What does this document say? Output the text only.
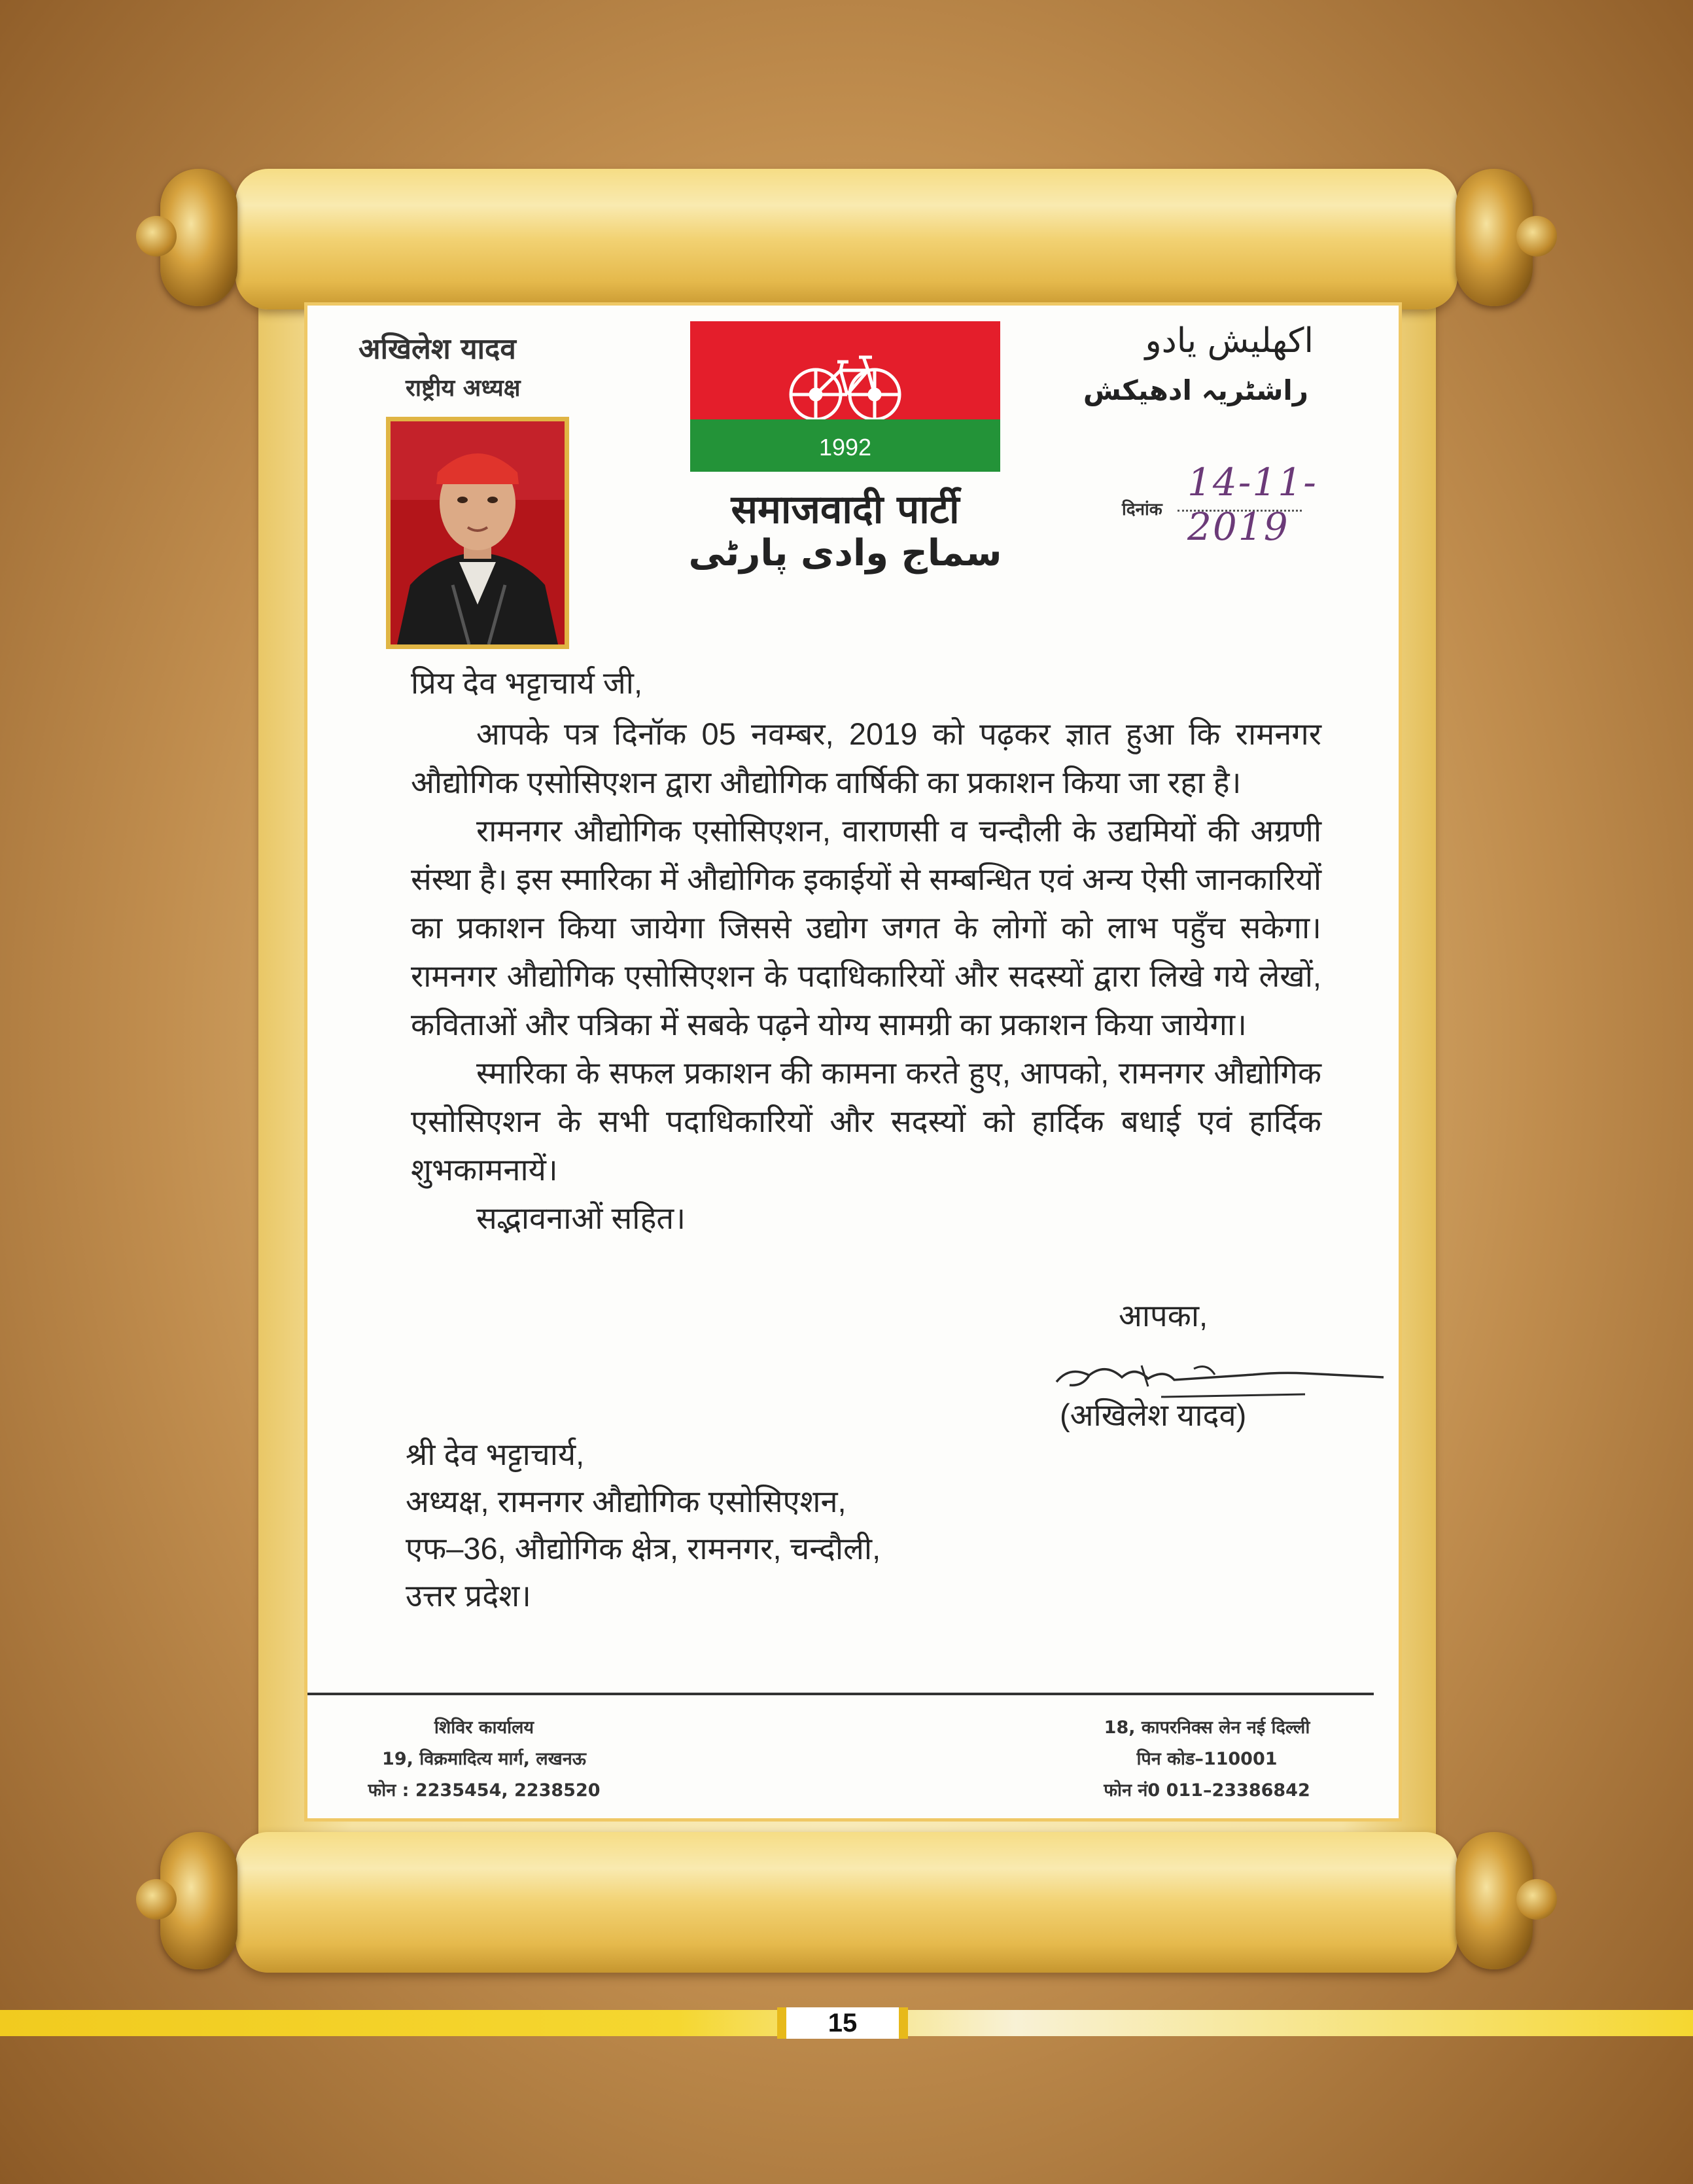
अखिलेश यादव
राष्ट्रीय अध्यक्ष
1992
समाजवादी पार्टी
سماج وادی پارٹی
اکھلیش یادو
راشٹریہ ادھیکش
दिनांक
14-11-2019
प्रिय देव भट्टाचार्य जी,

आपके पत्र दिनॉक 05 नवम्बर, 2019 को पढ़कर ज्ञात हुआ कि रामनगर औद्योगिक एसोसिएशन द्वारा औद्योगिक वार्षिकी का प्रकाशन किया जा रहा है।

रामनगर औद्योगिक एसोसिएशन, वाराणसी व चन्दौली के उद्यमियों की अग्रणी संस्था है। इस स्मारिका में औद्योगिक इकाईयों से सम्बन्धित एवं अन्य ऐसी जानकारियों का प्रकाशन किया जायेगा जिससे उद्योग जगत के लोगों को लाभ पहुँच सकेगा। रामनगर औद्योगिक एसोसिएशन के पदाधिकारियों और सदस्यों द्वारा लिखे गये लेखों, कविताओं और पत्रिका में सबके पढ़ने योग्य सामग्री का प्रकाशन किया जायेगा।

स्मारिका के सफल प्रकाशन की कामना करते हुए, आपको, रामनगर औद्योगिक एसोसिएशन के सभी पदाधिकारियों और सदस्यों को हार्दिक बधाई एवं हार्दिक शुभकामनायें।

सद्भावनाओं सहित।

आपका,
(अखिलेश यादव)
श्री देव भट्टाचार्य,
अध्यक्ष, रामनगर औद्योगिक एसोसिएशन,
एफ–36, औद्योगिक क्षेत्र, रामनगर, चन्दौली,
उत्तर प्रदेश।
शिविर कार्यालय
19, विक्रमादित्य मार्ग, लखनऊ
फोन : 2235454, 2238520
18, कापरनिक्स लेन नई दिल्ली
पिन कोड–110001
फोन नं0 011–23386842
15
